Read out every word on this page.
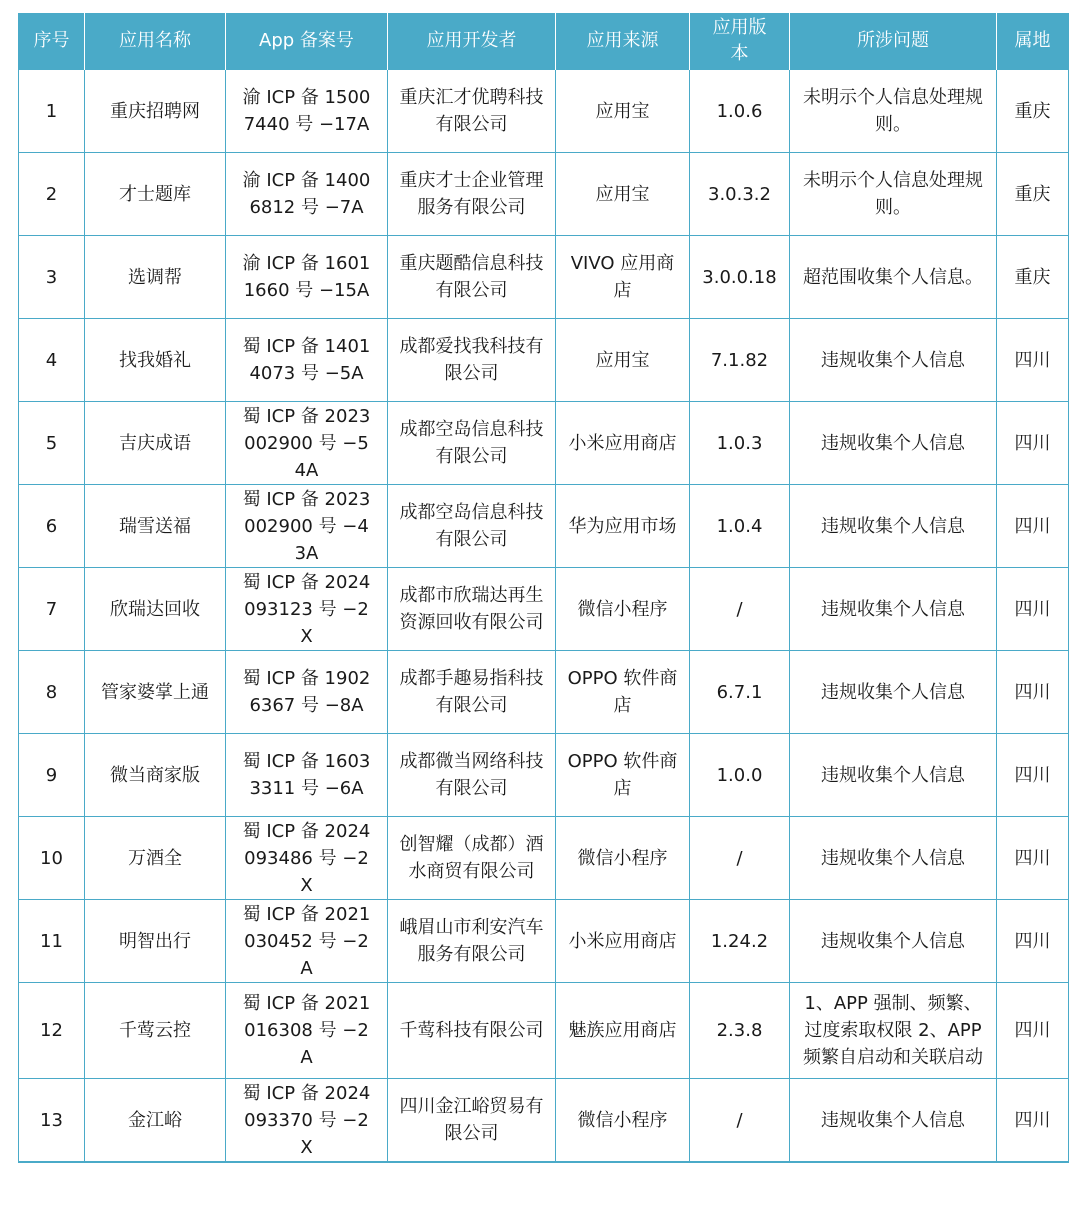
序号	应用名称	App 备案号	应用开发者	应用来源	应用版本	所涉问题	属地
1	重庆招聘网	渝 ICP 备 15007440 号 −17A	重庆汇才优聘科技有限公司	应用宝	1.0.6	未明示个人信息处理规则。	重庆
2	才士题库	渝 ICP 备 14006812 号 −7A	重庆才士企业管理服务有限公司	应用宝	3.0.3.2	未明示个人信息处理规则。	重庆
3	选调帮	渝 ICP 备 16011660 号 −15A	重庆题酷信息科技有限公司	VIVO 应用商店	3.0.0.18	超范围收集个人信息。	重庆
4	找我婚礼	蜀 ICP 备 14014073 号 −5A	成都爱找我科技有限公司	应用宝	7.1.82	违规收集个人信息	四川
5	吉庆成语	蜀 ICP 备 2023002900 号 −54A	成都空岛信息科技有限公司	小米应用商店	1.0.3	违规收集个人信息	四川
6	瑞雪送福	蜀 ICP 备 2023002900 号 −43A	成都空岛信息科技有限公司	华为应用市场	1.0.4	违规收集个人信息	四川
7	欣瑞达回收	蜀 ICP 备 2024093123 号 −2X	成都市欣瑞达再生资源回收有限公司	微信小程序	/	违规收集个人信息	四川
8	管家婆掌上通	蜀 ICP 备 19026367 号 −8A	成都手趣易指科技有限公司	OPPO 软件商店	6.7.1	违规收集个人信息	四川
9	微当商家版	蜀 ICP 备 16033311 号 −6A	成都微当网络科技有限公司	OPPO 软件商店	1.0.0	违规收集个人信息	四川
10	万酒全	蜀 ICP 备 2024093486 号 −2X	创智耀（成都）酒水商贸有限公司	微信小程序	/	违规收集个人信息	四川
11	明智出行	蜀 ICP 备 2021030452 号 −2A	峨眉山市利安汽车服务有限公司	小米应用商店	1.24.2	违规收集个人信息	四川
12	千莺云控	蜀 ICP 备 2021016308 号 −2A	千莺科技有限公司	魅族应用商店	2.3.8	1、APP 强制、频繁、过度索取权限 2、APP 频繁自启动和关联启动	四川
13	金江峪	蜀 ICP 备 2024093370 号 −2X	四川金江峪贸易有限公司	微信小程序	/	违规收集个人信息	四川
